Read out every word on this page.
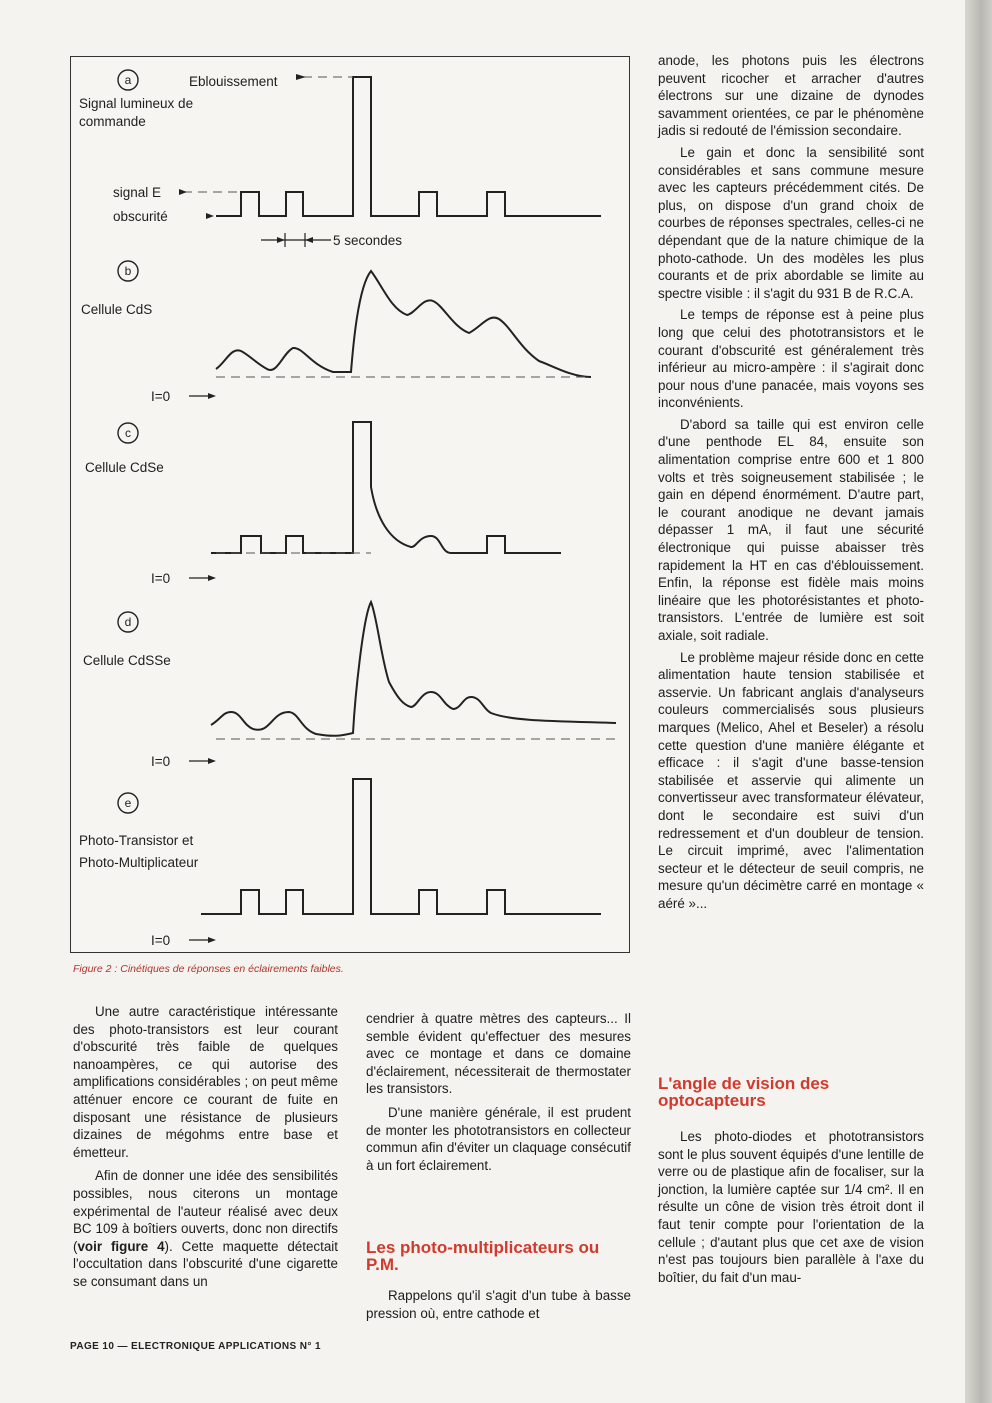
a
b
c
d
e
Signal lumineux de
commande
Eblouissement
signal E
obscurité
5 secondes
Cellule CdS
I=0
Cellule CdSe
I=0
Cellule CdSSe
I=0
Photo-Transistor et
Photo-Multiplicateur
I=0
Figure 2 : Cinétiques de réponses en éclairements faibles.

Une autre caractéristique intéressante des photo-transistors est leur courant d'obscurité très faible de quelques nanoampères, ce qui autorise des amplifications considérables ; on peut même atténuer encore ce courant de fuite en disposant une résistance de plusieurs dizaines de mégohms entre base et émetteur.

Afin de donner une idée des sensibilités possibles, nous citerons un montage expérimental de l'auteur réalisé avec deux BC 109 à boîtiers ouverts, donc non directifs (voir figure 4). Cette maquette détectait l'occultation dans l'obscurité d'une cigarette se consumant dans un

cendrier à quatre mètres des capteurs... Il semble évident qu'effectuer des mesures avec ce montage et dans ce domaine d'éclairement, nécessiterait de thermostater les transistors.

D'une manière générale, il est prudent de monter les phototransistors en collecteur commun afin d'éviter un claquage consécutif à un fort éclairement.

Les photo-multiplicateurs ou P.M.

Rappelons qu'il s'agit d'un tube à basse pression où, entre cathode et

anode, les photons puis les électrons peuvent ricocher et arracher d'autres électrons sur une dizaine de dynodes savamment orientées, ce par le phénomène jadis si redouté de l'émission secondaire.

Le gain et donc la sensibilité sont considérables et sans commune mesure avec les capteurs précédemment cités. De plus, on dispose d'un grand choix de courbes de réponses spectrales, celles-ci ne dépendant que de la nature chimique de la photo-cathode. Un des modèles les plus courants et de prix abordable se limite au spectre visible : il s'agit du 931 B de R.C.A.

Le temps de réponse est à peine plus long que celui des phototransistors et le courant d'obscurité est généralement très inférieur au micro-ampère : il s'agirait donc pour nous d'une panacée, mais voyons ses inconvénients.

D'abord sa taille qui est environ celle d'une penthode EL 84, ensuite son alimentation comprise entre 600 et 1 800 volts et très soigneusement stabilisée ; le gain en dépend énormément. D'autre part, le courant anodique ne devant jamais dépasser 1 mA, il faut une sécurité électronique qui puisse abaisser très rapidement la HT en cas d'éblouissement. Enfin, la réponse est fidèle mais moins linéaire que les photorésistantes et photo-transistors. L'entrée de lumière est soit axiale, soit radiale.

Le problème majeur réside donc en cette alimentation haute tension stabilisée et asservie. Un fabricant anglais d'analyseurs couleurs commercialisés sous plusieurs marques (Melico, Ahel et Beseler) a résolu cette question d'une manière élégante et efficace : il s'agit d'une basse-tension stabilisée et asservie qui alimente un convertisseur avec transformateur élévateur, dont le secondaire est suivi d'un redressement et d'un doubleur de tension. Le circuit imprimé, avec l'alimentation secteur et le détecteur de seuil compris, ne mesure qu'un décimètre carré en montage « aéré »...

L'angle de vision des optocapteurs

Les photo-diodes et phototransistors sont le plus souvent équipés d'une lentille de verre ou de plastique afin de focaliser, sur la jonction, la lumière captée sur 1/4 cm². Il en résulte un cône de vision très étroit dont il faut tenir compte pour l'orientation de la cellule ; d'autant plus que cet axe de vision n'est pas toujours bien parallèle à l'axe du boîtier, du fait d'un mau-

PAGE 10 — ELECTRONIQUE APPLICATIONS N° 1
